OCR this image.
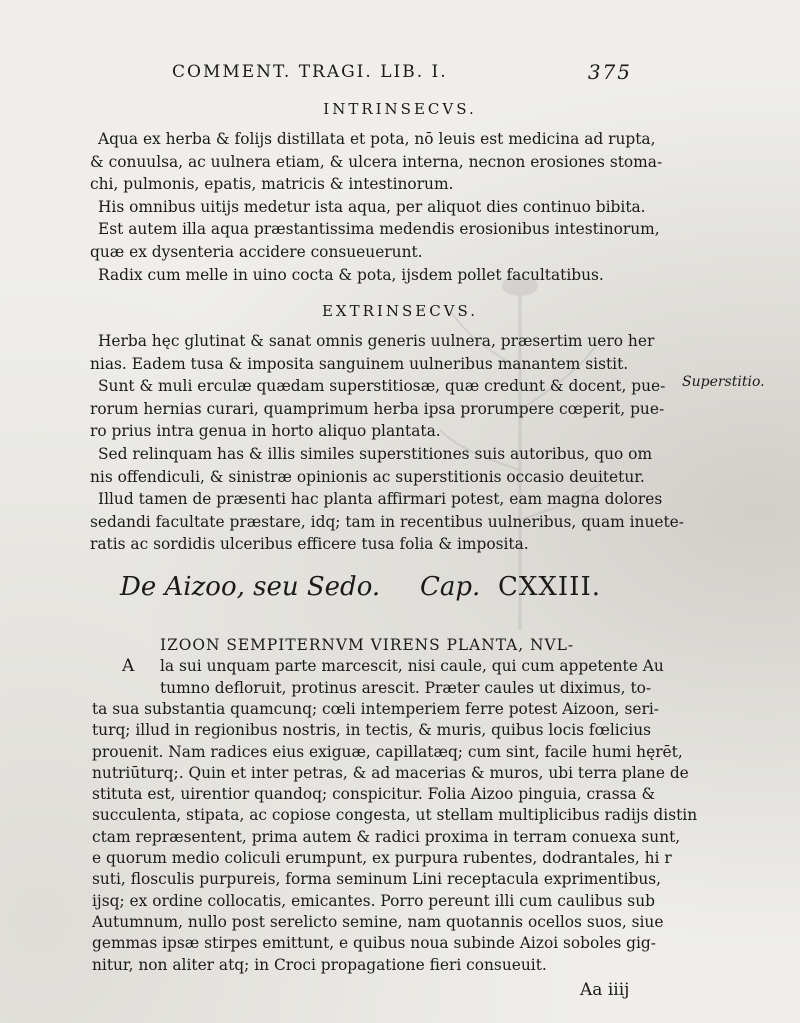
COMMENT. TRAGI. LIB. I.	375
INTRINSECVS.
Aqua ex herba & folijs distillata et pota, nō leuis est medicina ad rupta,
& conuulsa, ac uulnera etiam, & ulcera interna, necnon erosiones stoma-
chi, pulmonis, epatis, matricis & intestinorum.
His omnibus uitijs medetur ista aqua, per aliquot dies continuo bibita.
Est autem illa aqua præstantissima medendis erosionibus intestinorum,
quæ ex dysenteria accidere consueuerunt.
Radix cum melle in uino cocta & pota, ijsdem pollet facultatibus.
EXTRINSECVS.
Herba hęc glutinat & sanat omnis generis uulnera, præsertim uero her
nias. Eadem tusa & imposita sanguinem uulneribus manantem sistit.
Sunt & muli erculæ quædam superstitiosæ, quæ credunt & docent, pue-
rorum hernias curari, quamprimum herba ipsa prorumpere cœperit, pue-
ro prius intra genua in horto aliquo plantata.
Sed relinquam has & illis similes superstitiones suis autoribus, quo om
nis offendiculi, & sinistræ opinionis ac superstitionis occasio deuitetur.
Illud tamen de præsenti hac planta affirmari potest, eam magna dolores
sedandi facultate præstare, idq; tam in recentibus uulneribus, quam inuete-
ratis ac sordidis ulceribus efficere tusa folia & imposita.
Superstitio.
De Aizoo, seu Sedo. Cap. CXXIII.
A
IZOON SEMPITERNVM VIRENS PLANTA, NVL-
la sui unquam parte marcescit, nisi caule, qui cum appetente Au
tumno defloruit, protinus arescit. Præter caules ut diximus, to-
ta sua substantia quamcunq; cœli intemperiem ferre potest Aizoon, seri-
turq; illud in regionibus nostris, in tectis, & muris, quibus locis fœlicius
prouenit. Nam radices eius exiguæ, capillatæq; cum sint, facile humi hęrēt,
nutriūturq;. Quin et inter petras, & ad macerias & muros, ubi terra plane de
stituta est, uirentior quandoq; conspicitur. Folia Aizoo pinguia, crassa &
succulenta, stipata, ac copiose congesta, ut stellam multiplicibus radijs distin
ctam repræsentent, prima autem & radici proxima in terram conuexa sunt,
e quorum medio coliculi erumpunt, ex purpura rubentes, dodrantales, hi r
suti, flosculis purpureis, forma seminum Lini receptacula exprimentibus,
ijsq; ex ordine collocatis, emicantes. Porro pereunt illi cum caulibus sub
Autumnum, nullo post serelicto semine, nam quotannis ocellos suos, siue
gemmas ipsæ stirpes emittunt, e quibus noua subinde Aizoi soboles gig-
nitur, non aliter atq; in Croci propagatione fieri consueuit.
Aa iiij
